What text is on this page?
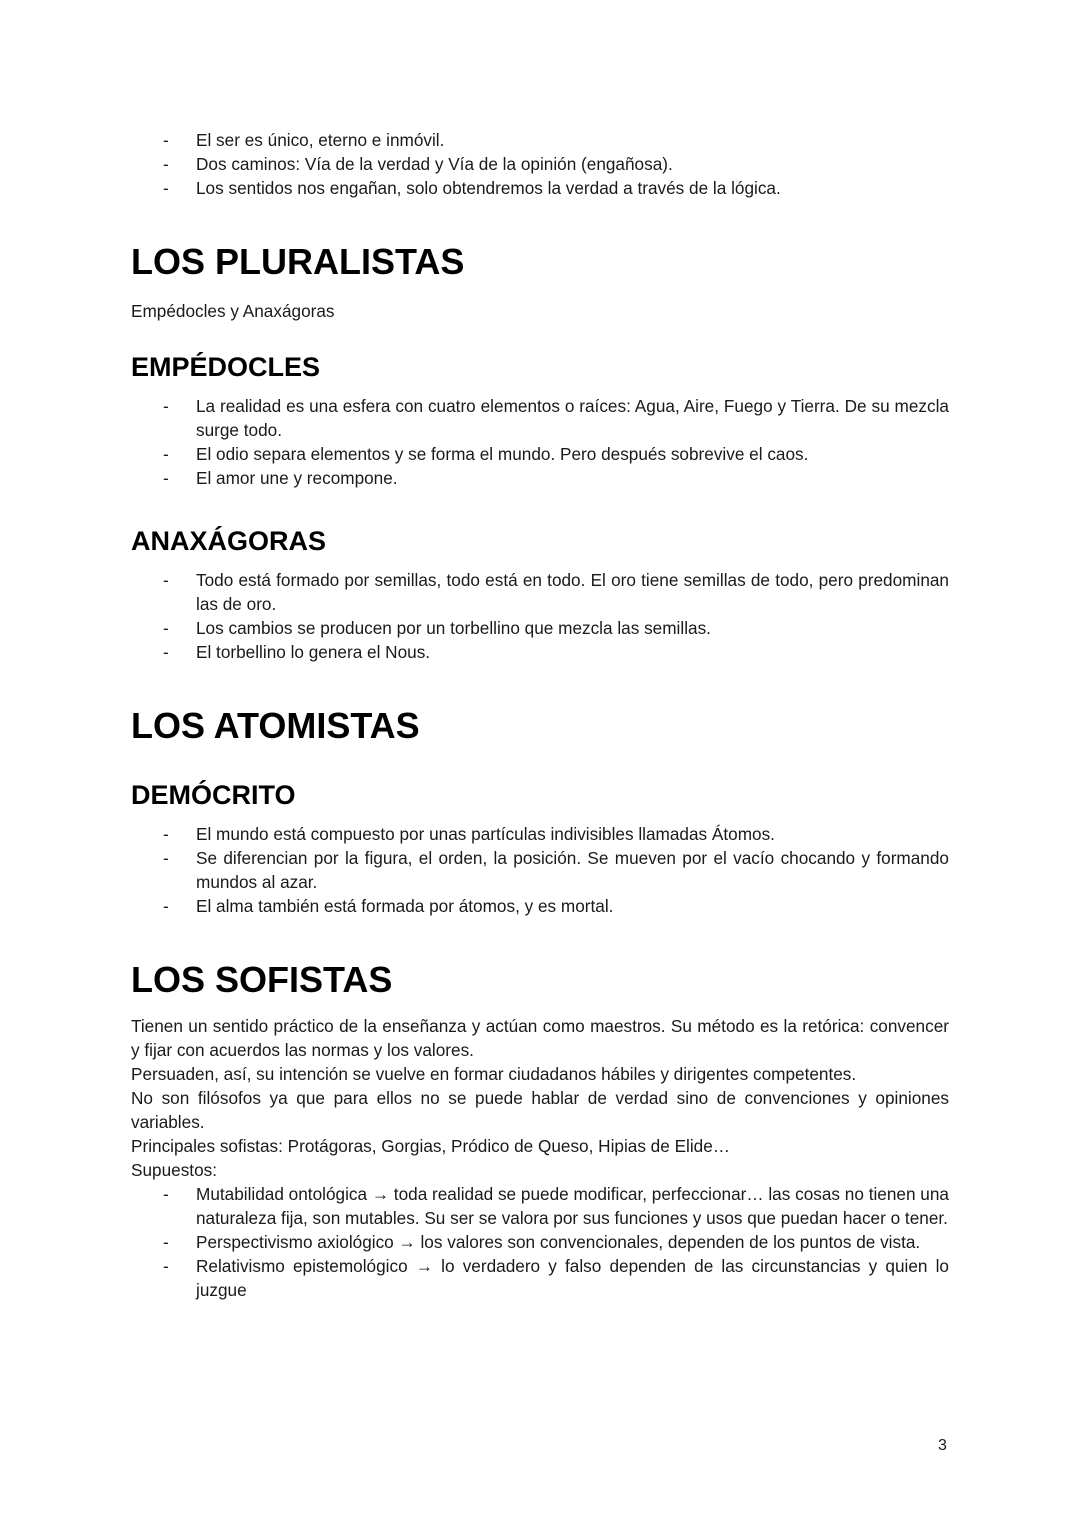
- El ser es único, eterno e inmóvil.
- Dos caminos: Vía de la verdad y Vía de la opinión (engañosa).
- Los sentidos nos engañan, solo obtendremos la verdad a través de la lógica.
LOS PLURALISTAS

Empédocles y Anaxágoras

EMPÉDOCLES
- La realidad es una esfera con cuatro elementos o raíces: Agua, Aire, Fuego y Tierra. De su mezcla surge todo.
- El odio separa elementos y se forma el mundo. Pero después sobrevive el caos.
- El amor une y recompone.
ANAXÁGORAS
- Todo está formado por semillas, todo está en todo. El oro tiene semillas de todo, pero predominan las de oro.
- Los cambios se producen por un torbellino que mezcla las semillas.
- El torbellino lo genera el Nous.
LOS ATOMISTAS
DEMÓCRITO
- El mundo está compuesto por unas partículas indivisibles llamadas Átomos.
- Se diferencian por la figura, el orden, la posición. Se mueven por el vacío chocando y formando mundos al azar.
- El alma también está formada por átomos, y es mortal.
LOS SOFISTAS

Tienen un sentido práctico de la enseñanza y actúan como maestros. Su método es la retórica: convencer y fijar con acuerdos las normas y los valores.

Persuaden, así, su intención se vuelve en formar ciudadanos hábiles y dirigentes competentes.

No son filósofos ya que para ellos no se puede hablar de verdad sino de convenciones y opiniones variables.

Principales sofistas: Protágoras, Gorgias, Pródico de Queso, Hipias de Elide…

Supuestos:

- Mutabilidad ontológica → toda realidad se puede modificar, perfeccionar… las cosas no tienen una naturaleza fija, son mutables. Su ser se valora por sus funciones y usos que puedan hacer o tener.
- Perspectivismo axiológico → los valores son convencionales, dependen de los puntos de vista.
- Relativismo epistemológico → lo verdadero y falso dependen de las circunstancias y quien lo juzgue
3
